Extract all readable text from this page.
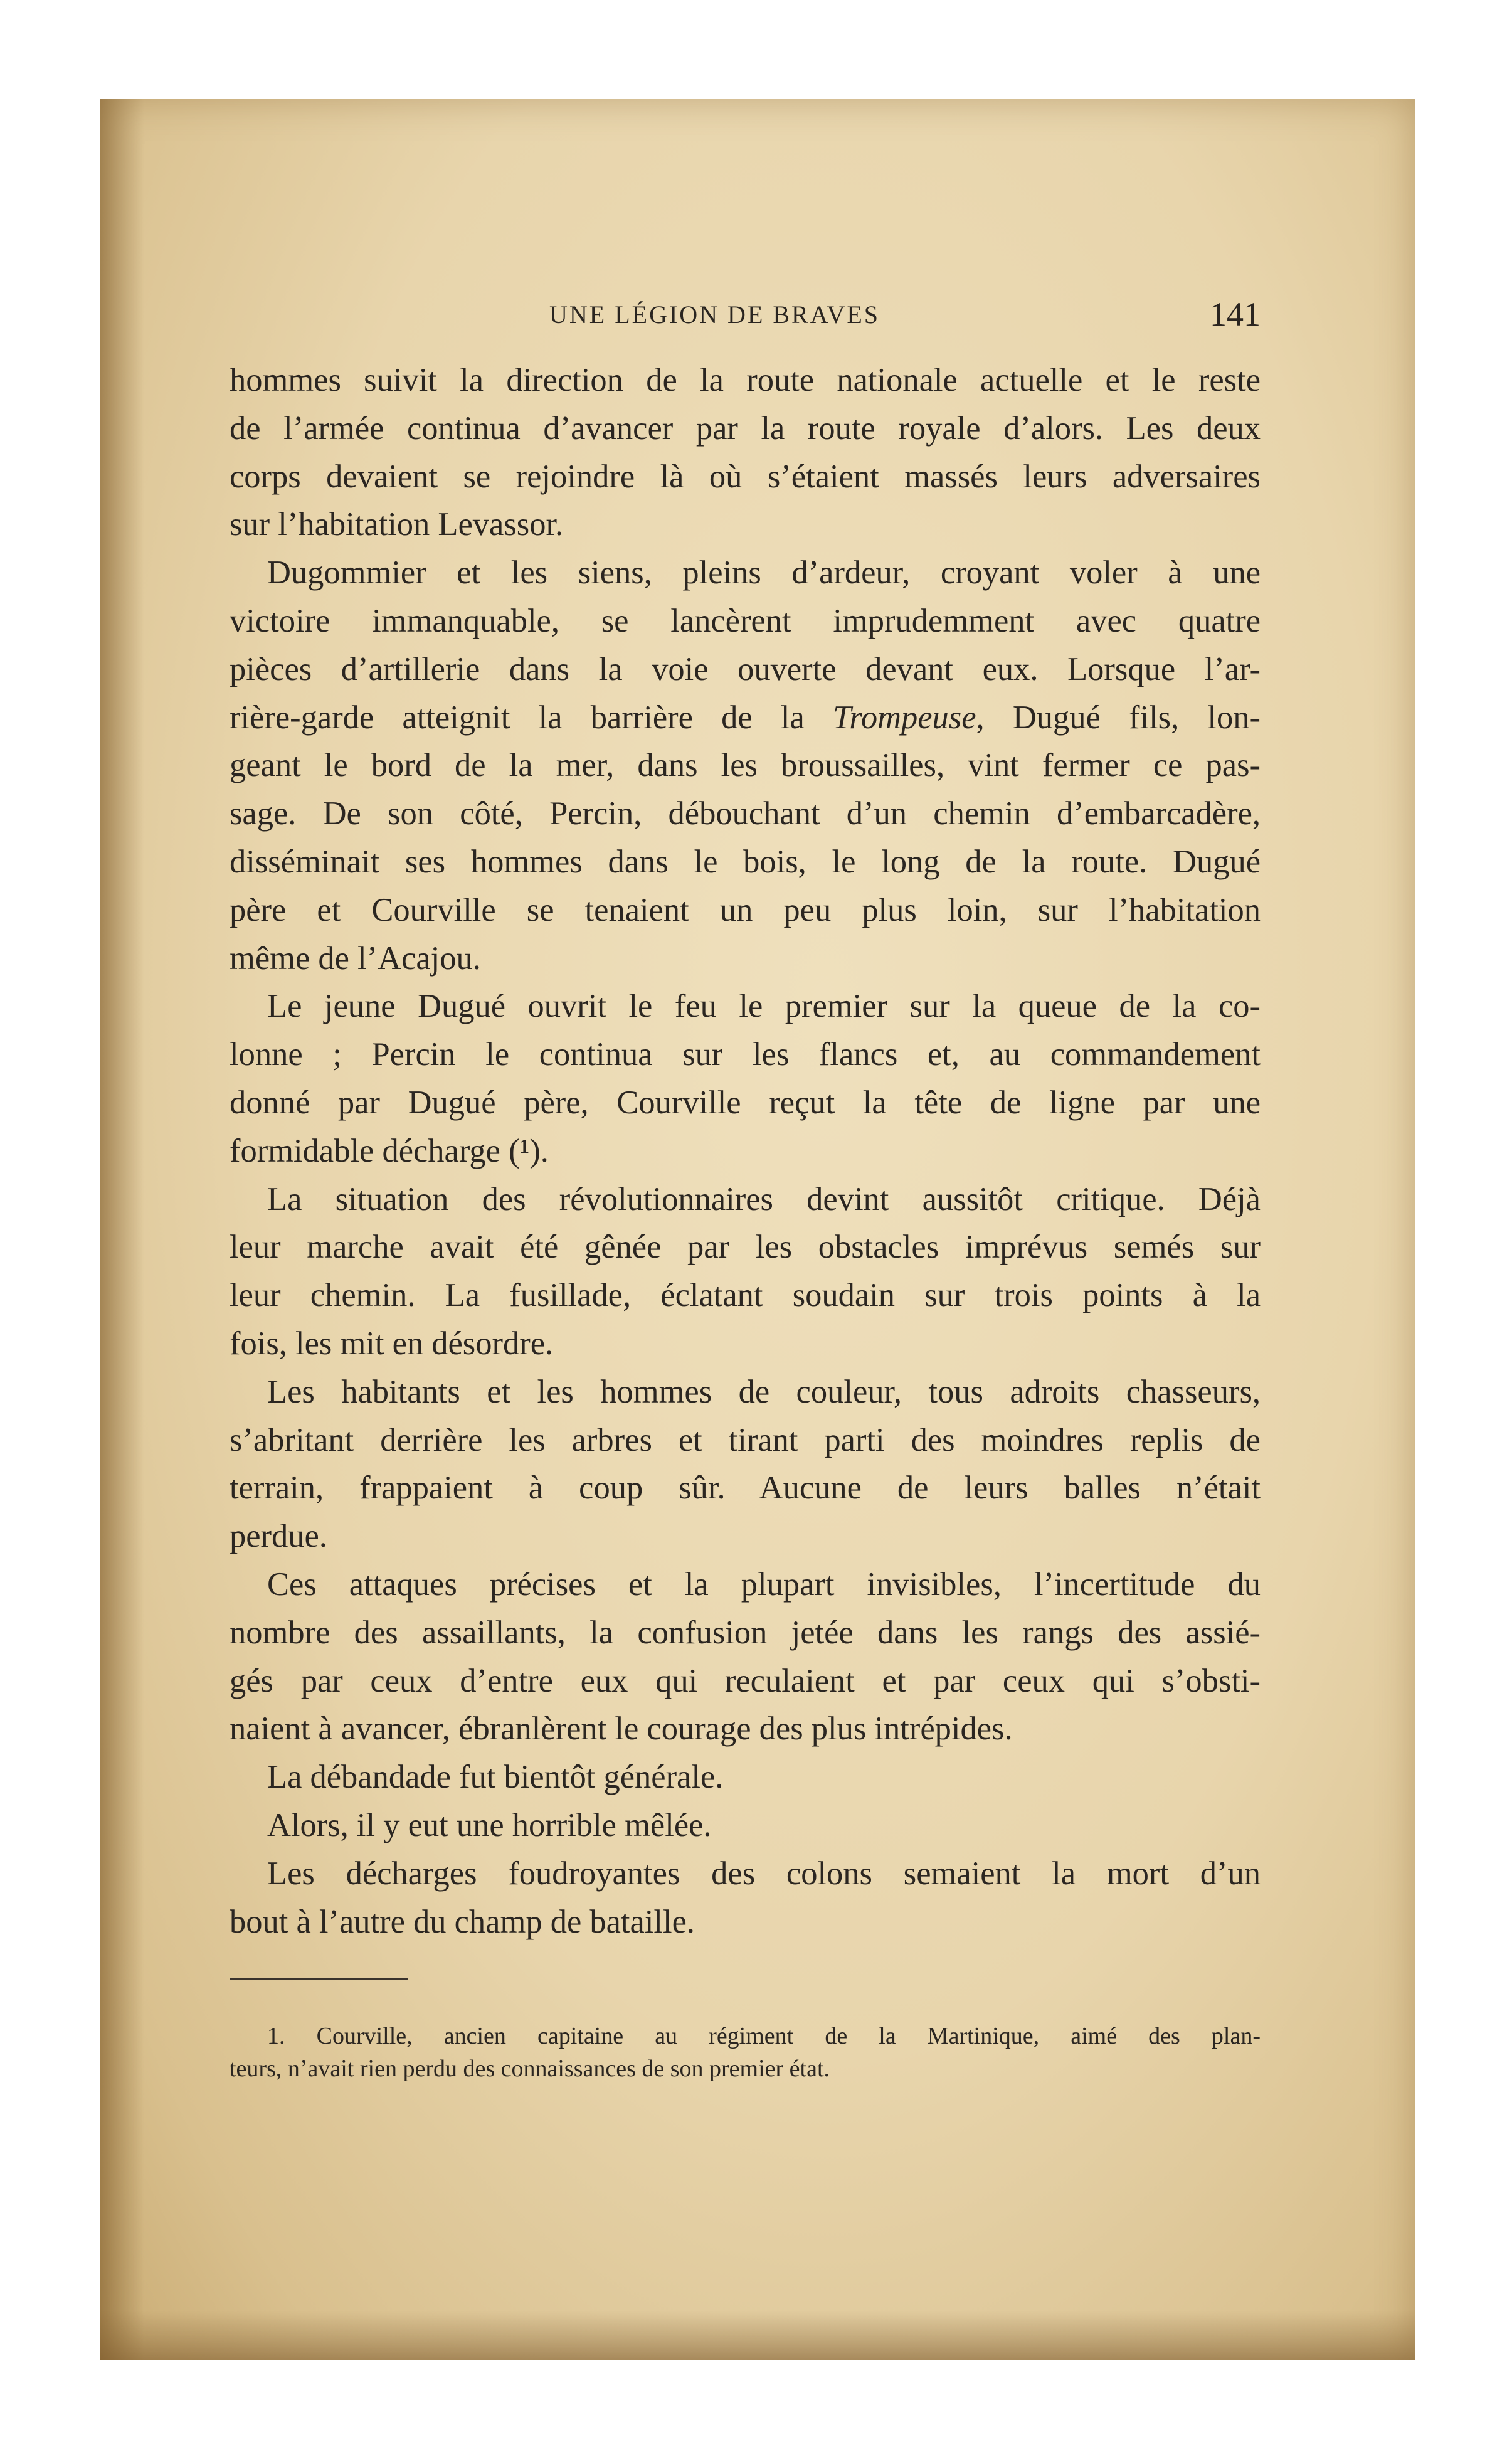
UNE LÉGION DE BRAVES	141
hommes suivit la direction de la route nationale actuelle et le reste
de l’armée continua d’avancer par la route royale d’alors. Les deux
corps devaient se rejoindre là où s’étaient massés leurs adversaires
sur l’habitation Levassor.
Dugommier et les siens, pleins d’ardeur, croyant voler à une
victoire immanquable, se lancèrent imprudemment avec quatre
pièces d’artillerie dans la voie ouverte devant eux. Lorsque l’ar-
rière-garde atteignit la barrière de la Trompeuse, Dugué fils, lon-
geant le bord de la mer, dans les broussailles, vint fermer ce pas-
sage. De son côté, Percin, débouchant d’un chemin d’embarcadère,
disséminait ses hommes dans le bois, le long de la route. Dugué
père et Courville se tenaient un peu plus loin, sur l’habitation
même de l’Acajou.
Le jeune Dugué ouvrit le feu le premier sur la queue de la co-
lonne ; Percin le continua sur les flancs et, au commandement
donné par Dugué père, Courville reçut la tête de ligne par une
formidable décharge (¹).
La situation des révolutionnaires devint aussitôt critique. Déjà
leur marche avait été gênée par les obstacles imprévus semés sur
leur chemin. La fusillade, éclatant soudain sur trois points à la
fois, les mit en désordre.
Les habitants et les hommes de couleur, tous adroits chasseurs,
s’abritant derrière les arbres et tirant parti des moindres replis de
terrain, frappaient à coup sûr. Aucune de leurs balles n’était
perdue.
Ces attaques précises et la plupart invisibles, l’incertitude du
nombre des assaillants, la confusion jetée dans les rangs des assié-
gés par ceux d’entre eux qui reculaient et par ceux qui s’obsti-
naient à avancer, ébranlèrent le courage des plus intrépides.
La débandade fut bientôt générale.
Alors, il y eut une horrible mêlée.
Les décharges foudroyantes des colons semaient la mort d’un
bout à l’autre du champ de bataille.
1. Courville, ancien capitaine au régiment de la Martinique, aimé des plan-
teurs, n’avait rien perdu des connaissances de son premier état.
